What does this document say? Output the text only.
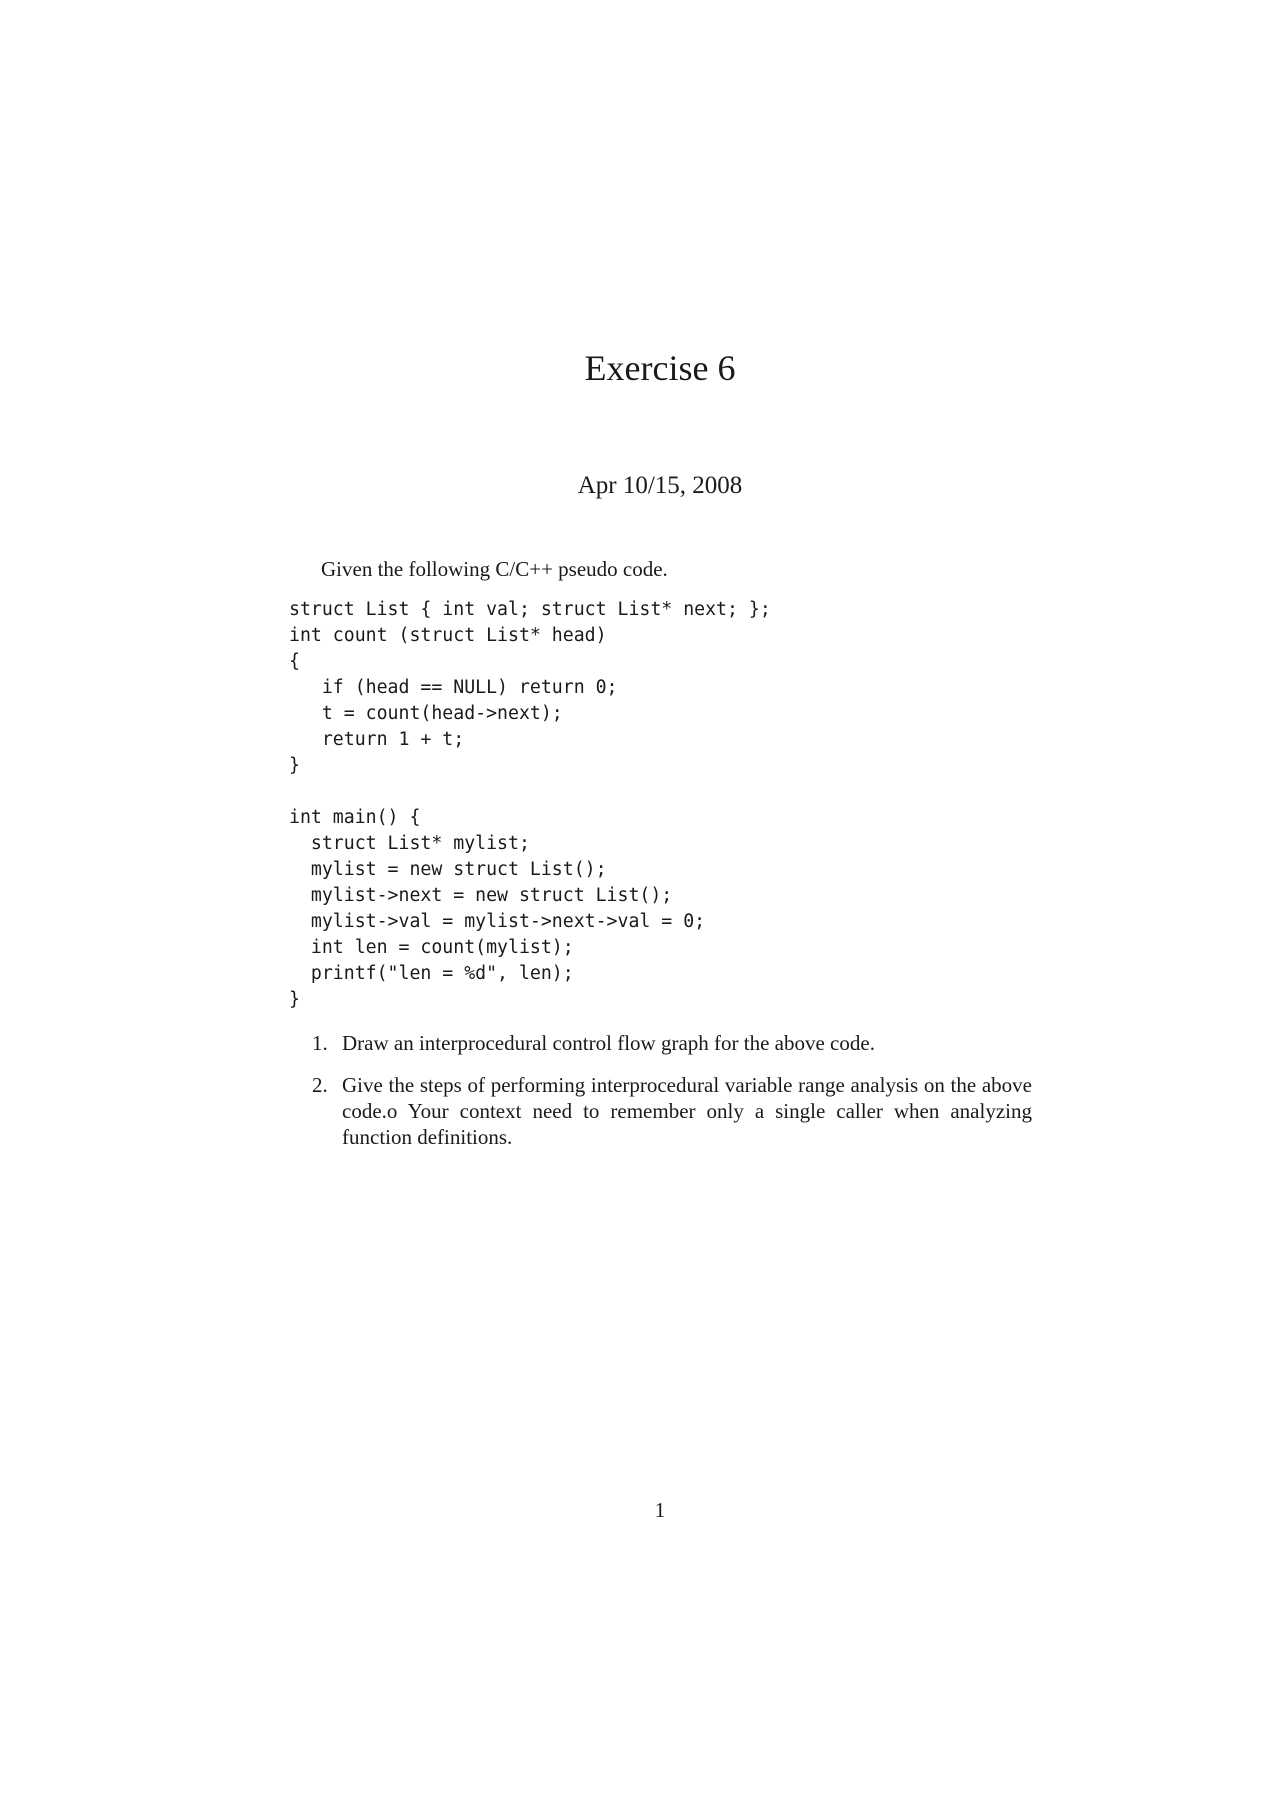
Exercise 6
Apr 10/15, 2008
Given the following C/C++ pseudo code.
struct List { int val; struct List* next; };
int count (struct List* head)
{
if (head == NULL) return 0;
t = count(head->next);
return 1 + t;
}
int main() {
struct List* mylist;
mylist = new struct List();
mylist->next = new struct List();
mylist->val = mylist->next->val = 0;
int len = count(mylist);
printf("len = %d", len);
}
1. Draw an interprocedural control flow graph for the above code.
2. Give the steps of performing interprocedural variable range analysis on the above code.o Your context need to remember only a single caller when analyzing function definitions.
1
